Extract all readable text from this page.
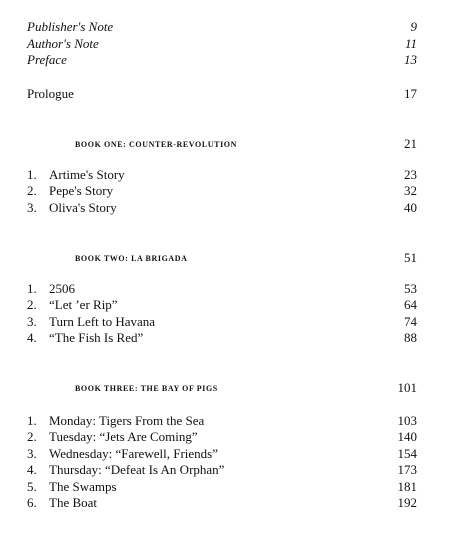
Publisher's Note	9
Author's Note	11
Preface	13
Prologue	17
BOOK ONE: COUNTER-REVOLUTION	21
1. Artime's Story	23
2. Pepe's Story	32
3. Oliva's Story	40
BOOK TWO: LA BRIGADA	51
1. 2506	53
2. “Let ’er Rip”	64
3. Turn Left to Havana	74
4. “The Fish Is Red”	88
BOOK THREE: THE BAY OF PIGS	101
1. Monday: Tigers From the Sea	103
2. Tuesday: “Jets Are Coming”	140
3. Wednesday: “Farewell, Friends”	154
4. Thursday: “Defeat Is An Orphan”	173
5. The Swamps	181
6. The Boat	192
